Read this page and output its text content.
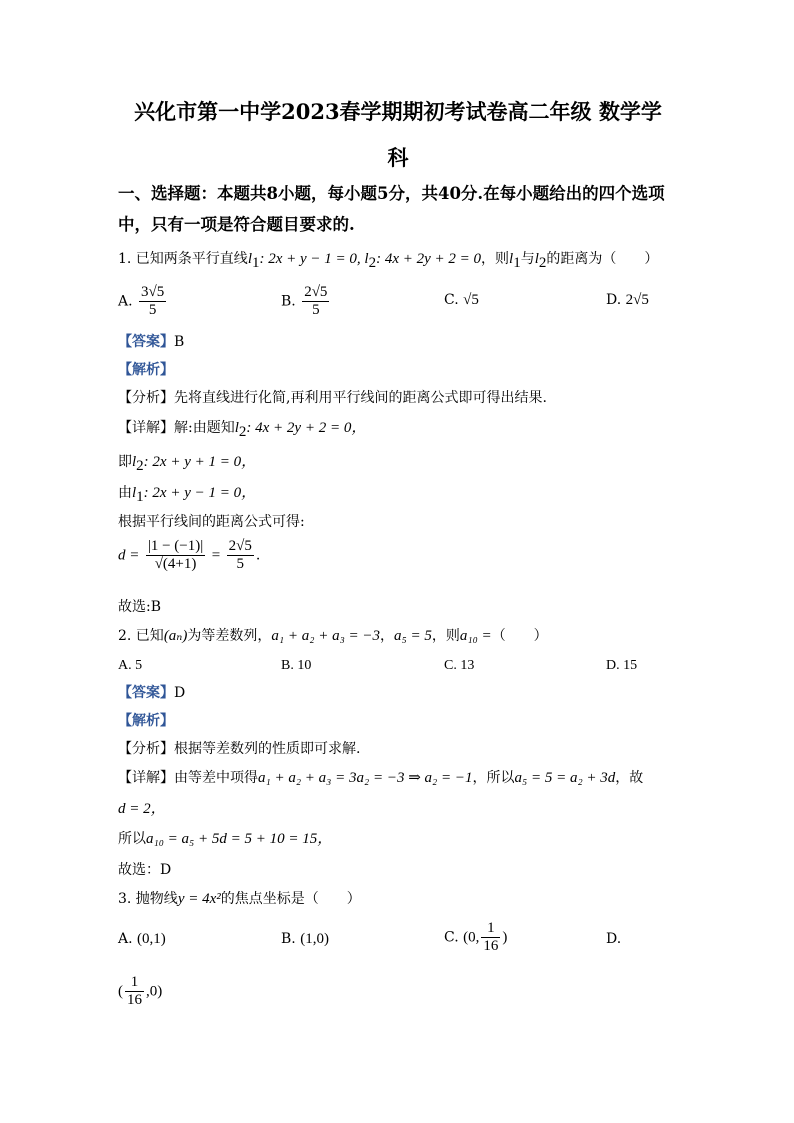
兴化市第一中学2023春学期期初考试卷高二年级 数学学
科
一、选择题：本题共8小题，每小题5分，共40分.在每小题给出的四个选项
中，只有一项是符合题目要求的.
1. 已知两条平行直线$l_1$: 2x + y − 1 = 0, $l_2$: 4x + 2y + 2 = 0，则$l_1$与$l_2$的距离为（　　）
A. $\frac{3√5}{5}$	B. $\frac{2√5}{5}$	C. √5	D. 2√5
【答案】B
【解析】
【分析】先将直线进行化简,再利用平行线间的距离公式即可得出结果.
【详解】解:由题知$l_2$: 4x + 2y + 2 = 0，
即$l_2$: 2x + y + 1 = 0，
由$l_1$: 2x + y − 1 = 0，
根据平行线间的距离公式可得:
$d = \frac{|1 - (-1)|}{√(4+1)} = \frac{2√5}{5}$ .
故选:B
2. 已知(aₙ)为等差数列，a₁ + a₂ + a₃ = −3，a₅ = 5，则a₁₀ =（　　）
A. 5	B. 10	C. 13	D. 15
【答案】D
【解析】
【分析】根据等差数列的性质即可求解.
【详解】由等差中项得a₁ + a₂ + a₃ = 3a₂ = −3 ⇒ a₂ = −1，所以a₅ = 5 = a₂ + 3d，故
d = 2，
所以a₁₀ = a₅ + 5d = 5 + 10 = 15，
故选：D
3. 抛物线y = 4x²的焦点坐标是（　　）
A. (0,1)	B. (1,0)	C. (0, $\frac{1}{16}$ )	D.
( $\frac{1}{16} ,0$)
